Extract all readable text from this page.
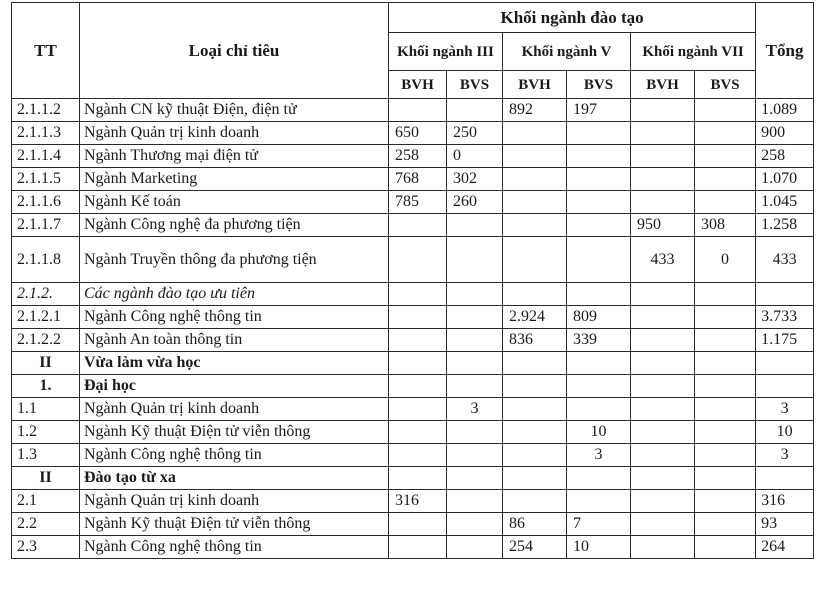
TT	Loại chỉ tiêu	Khối ngành đào tạo						Tổng
		Khối ngành III		Khối ngành V		Khối ngành VII		
		BVH	BVS	BVH	BVS	BVH	BVS	
2.1.1.2	Ngành CN kỹ thuật Điện, điện tử			892	197			1.089
2.1.1.3	Ngành Quản trị kinh doanh	650	250					900
2.1.1.4	Ngành Thương mại điện tử	258	0					258
2.1.1.5	Ngành Marketing	768	302					1.070
2.1.1.6	Ngành Kế toán	785	260					1.045
2.1.1.7	Ngành Công nghệ đa phương tiện					950	308	1.258
2.1.1.8	Ngành Truyền thông đa phương tiện					433	0	433
2.1.2.	Các ngành đào tạo ưu tiên							
2.1.2.1	Ngành Công nghệ thông tin			2.924	809			3.733
2.1.2.2	Ngành An toàn thông tin			836	339			1.175
II	Vừa làm vừa học							
1.	Đại học							
1.1	Ngành Quản trị kinh doanh		3					3
1.2	Ngành Kỹ thuật Điện tử viễn thông				10			10
1.3	Ngành Công nghệ thông tin				3			3
II	Đào tạo từ xa							
2.1	Ngành Quản trị kinh doanh	316						316
2.2	Ngành Kỹ thuật Điện tử viễn thông			86	7			93
2.3	Ngành Công nghệ thông tin			254	10			264
